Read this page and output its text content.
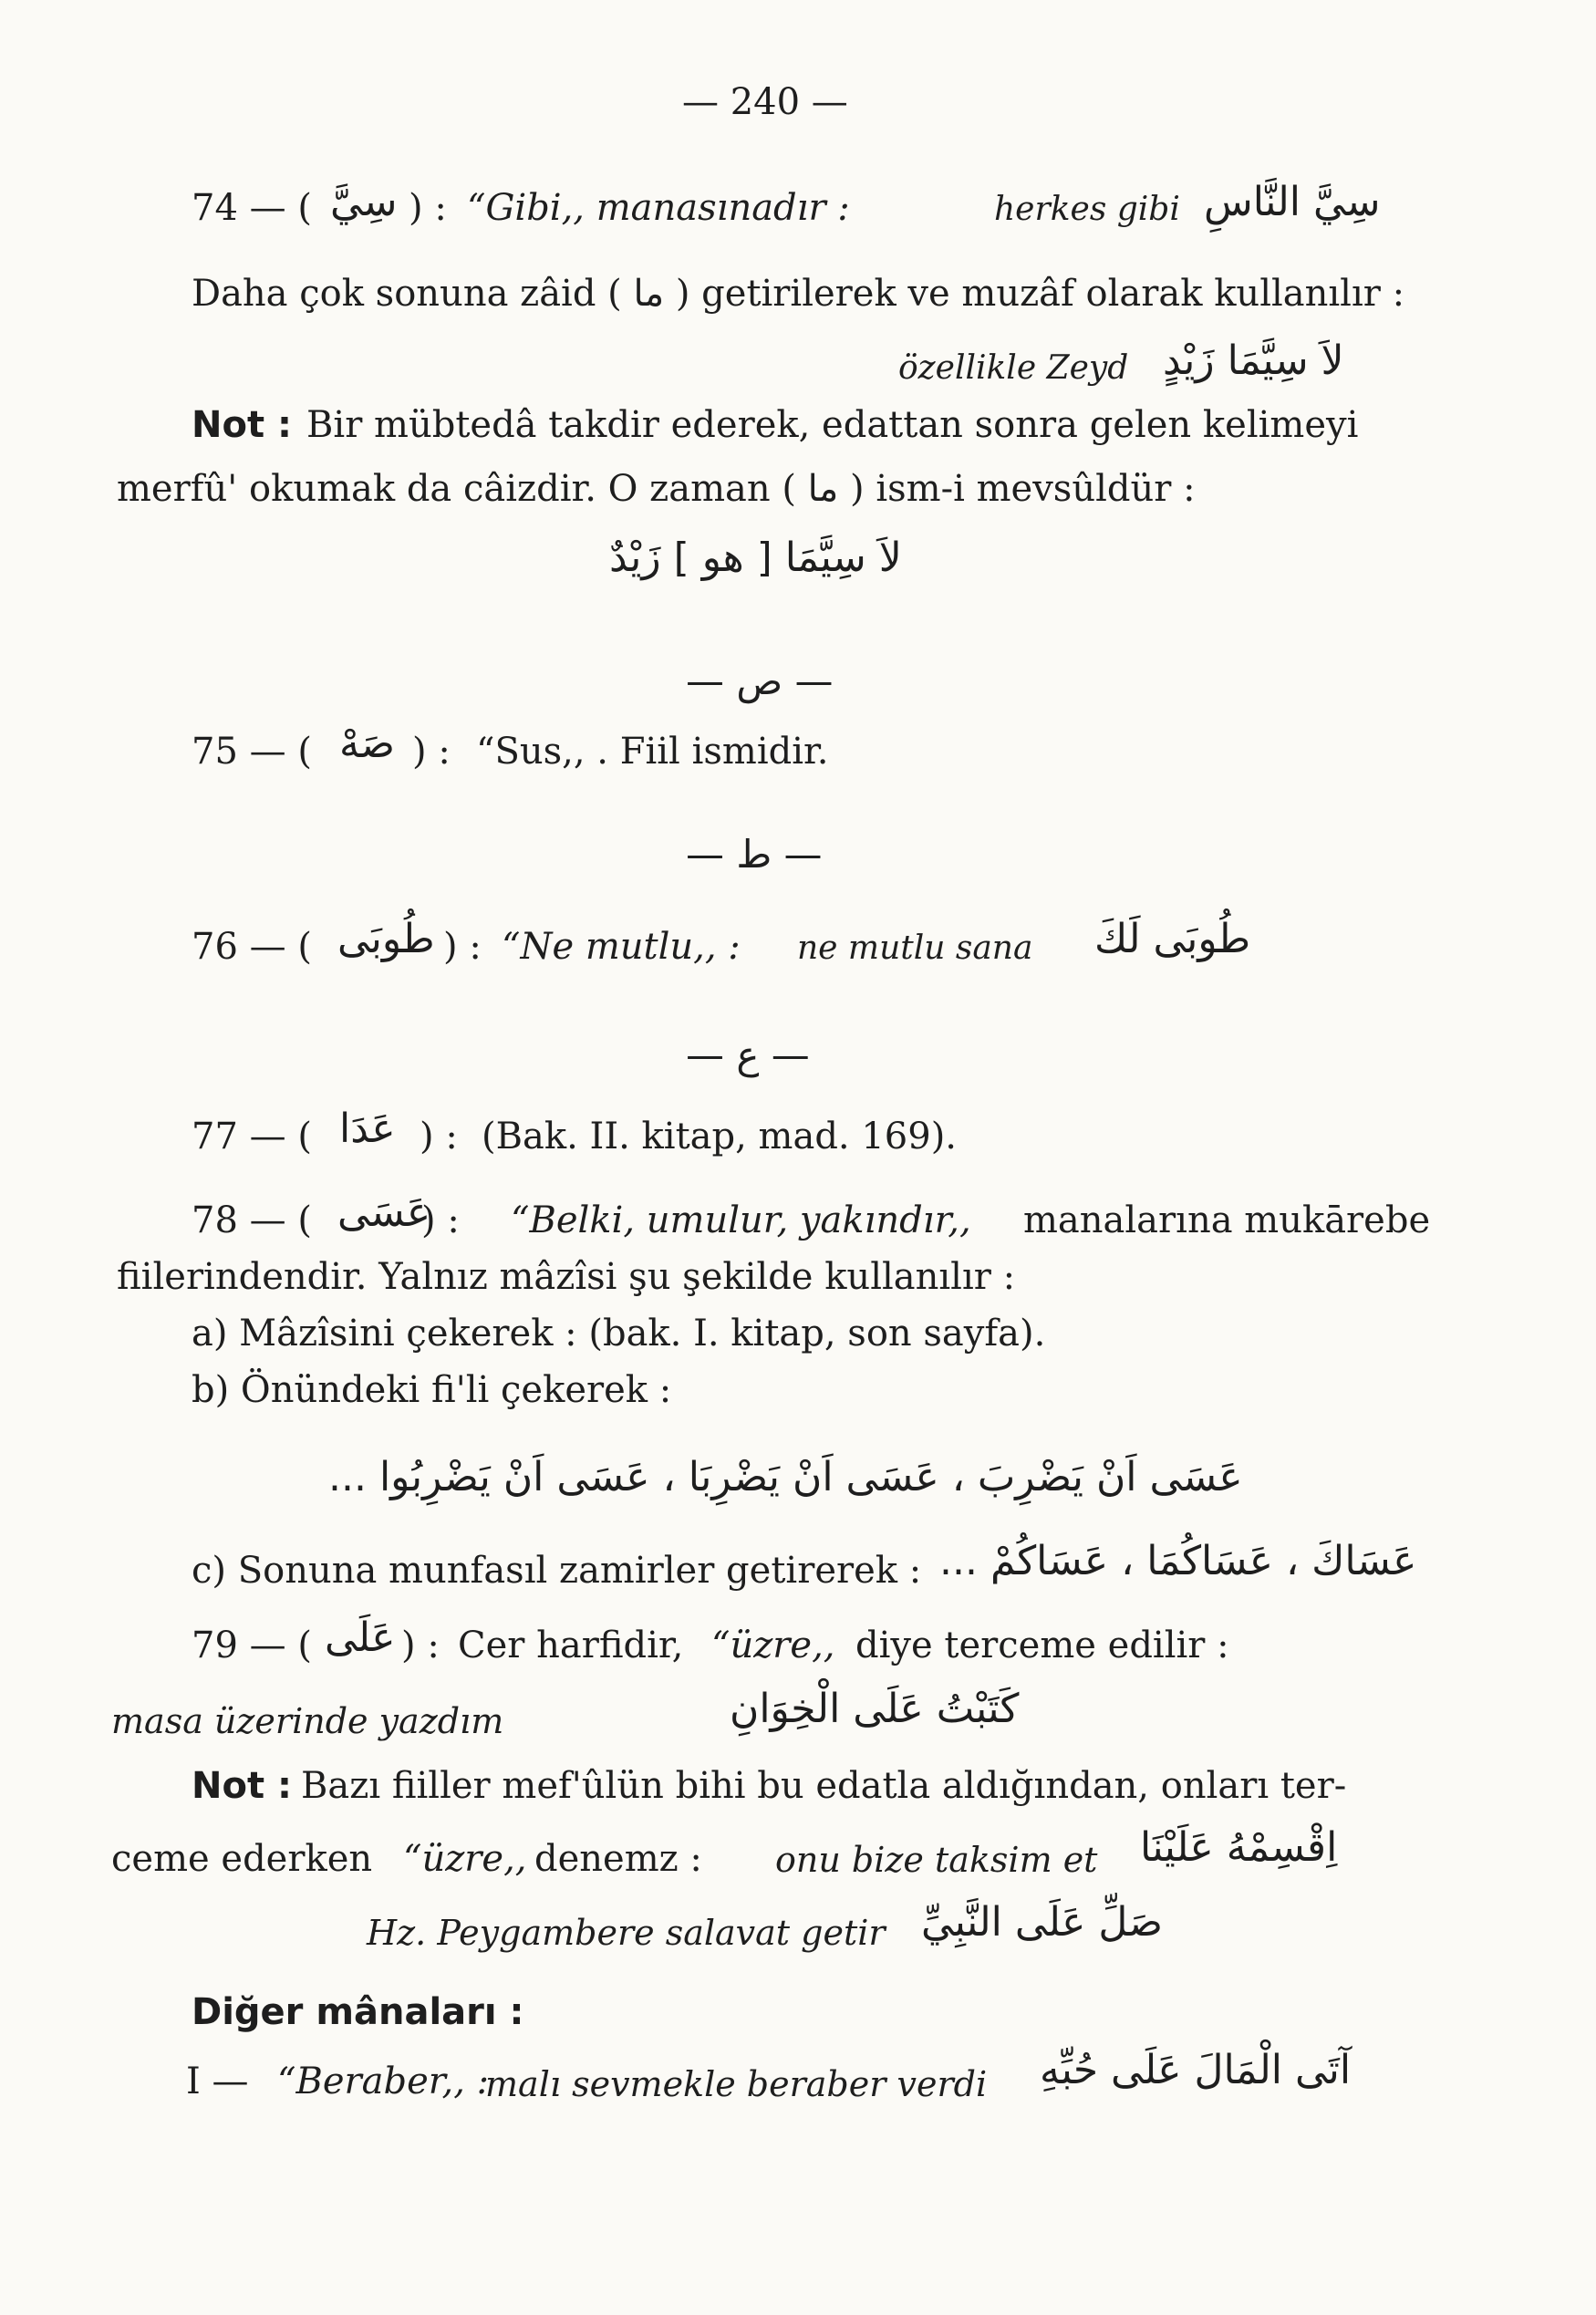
— 240 —
74 — ( سِيَّ ) : “Gibi,, manasınadır :	herkes gibi سِيَّ النَّاسِ
Daha çok sonuna zâid ( ما ) getirilerek ve muzâf olarak kullanılır :
özellikle Zeyd لاَ سِيَّمَا زَيْدٍ
Not : Bir mübtedâ takdir ederek, edattan sonra gelen kelimeyi
merfû' okumak da câizdir. O zaman ( ما ) ism-i mevsûldür :
لاَ سِيَّمَا [ هو ] زَيْدٌ
— ص —
75 — ( صَهْ ) : “Sus,, . Fiil ismidir.
— ط —
76 — ( طُوبَى ) : “Ne mutlu,, : ne mutlu sana طُوبَى لَكَ
— ع —
77 — ( عَدَا ) : (Bak. II. kitap, mad. 169).
78 — ( عَسَى
) : “Belki, umulur, yakındır,, manalarına mukārebe
fiilerindendir. Yalnız mâzîsi şu şekilde kullanılır :
a) Mâzîsini çekerek : (bak. I. kitap, son sayfa).
b) Önündeki fi'li çekerek :
عَسَى اَنْ يَضْرِبَ ، عَسَى اَنْ يَضْرِبَا ، عَسَى اَنْ يَضْرِبُوا ...
c) Sonuna munfasıl zamirler getirerek : عَسَاكَ ، عَسَاكُمَا ، عَسَاكُمْ ...
79 — ( عَلَى ) : Cer harfidir, “üzre,, diye terceme edilir :
masa üzerinde yazdım	كَتَبْتُ عَلَى الْخِوَانِ
Not : Bazı fiiller mef'ûlün bihi bu edatla aldığından, onları ter-
ceme ederken “üzre,, denemz : onu bize taksim et اِقْسِمْهُ عَلَيْنَا
Hz. Peygambere salavat getir صَلِّ عَلَى النَّبِيِّ
Diğer mânaları :
I — “Beraber,, :
malı sevmekle beraber verdi آتَى الْمَالَ عَلَى حُبِّهِ
